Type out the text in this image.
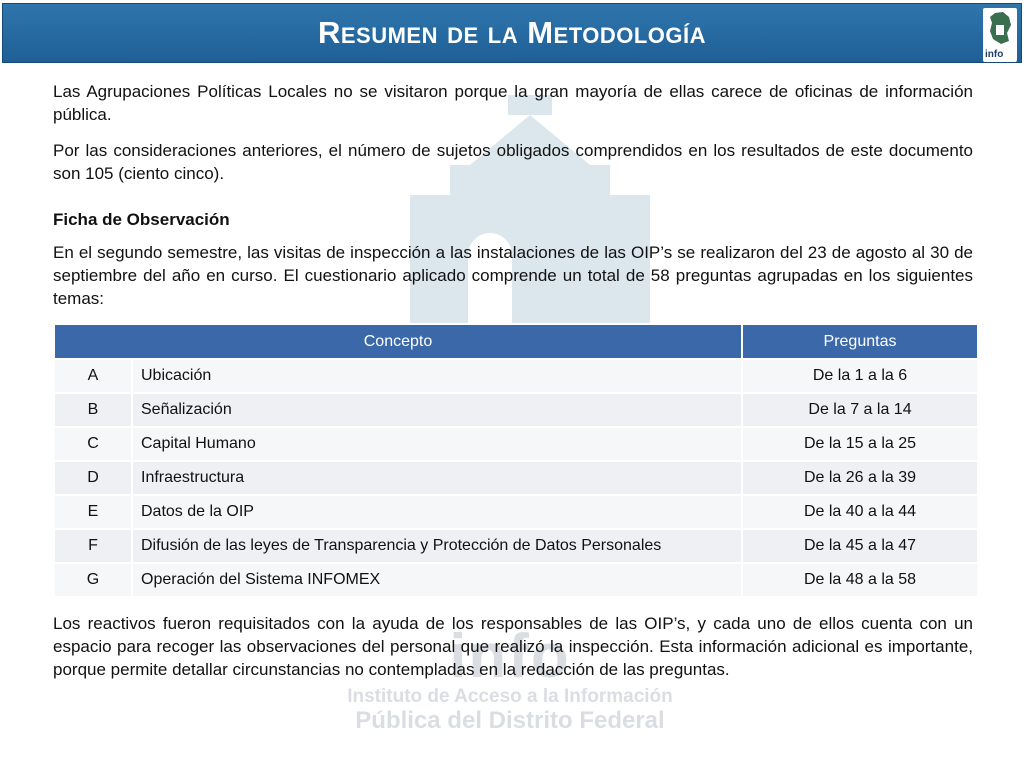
info
Instituto de Acceso a la Información
Pública del Distrito Federal
Resumen de la Metodología
info

Las Agrupaciones Políticas Locales no se visitaron porque la gran mayoría de ellas carece de oficinas de información pública.

Por las consideraciones anteriores, el número de sujetos obligados comprendidos en los resultados de este documento son 105 (ciento cinco).

Ficha de Observación

En el segundo semestre, las visitas de inspección a las instalaciones de las OIP’s se realizaron del 23 de agosto al 30 de septiembre del año en curso. El cuestionario aplicado comprende un total de 58 preguntas agrupadas en los siguientes temas:

Concepto		Preguntas
A	Ubicación	De la 1 a la 6
B	Señalización	De la 7 a la 14
C	Capital Humano	De la 15 a la 25
D	Infraestructura	De la 26 a la 39
E	Datos de la OIP	De la 40 a la 44
F	Difusión de las leyes de Transparencia y Protección de Datos Personales	De la 45 a la 47
G	Operación del Sistema INFOMEX	De la 48 a la 58

Los reactivos fueron requisitados con la ayuda de los responsables de las OIP’s, y cada uno de ellos cuenta con un espacio para recoger las observaciones del personal que realizó la inspección. Esta información adicional es importante, porque permite detallar circunstancias no contempladas en la redacción de las preguntas.
